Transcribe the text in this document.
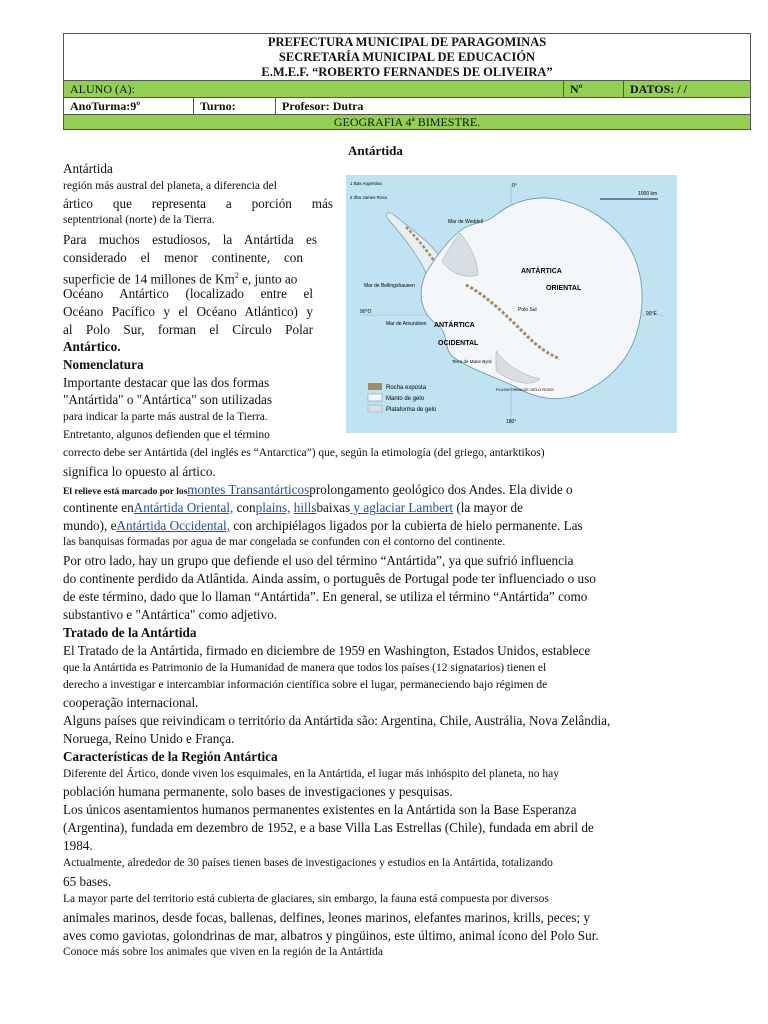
PREFECTURA MUNICIPAL DE PARAGOMINAS
SECRETARÍA MUNICIPAL DE EDUCACIÓN
E.M.E.F. “ROBERTO FERNANDES DE OLIVEIRA”
ALUNO (A):	Nº	DATOS: / /
AnoTurma:9º	Turno:	Profesor: Dutra
GEOGRAFIA 4ª BIMESTRE.
Antártida
ANTÁRTICA
ORIENTAL
ANTÁRTICA
OCIDENTAL
Mar de Bellingshausen
Mar de Amundsen
Mar de Weddell
Polo Sul
Terra de Marie Byrd
PLATAFORMA DE GELO ROSS
90°E
90°O
0°
180°
1 Bas Argentina
2 Ilha James Ross
1000 km
Rocha exposta
Manto de gelo
Plataforma de gelo
Antártida
región más austral del planeta, a diferencia del
ártico que representa a porción más
septentrional (norte) de la Tierra.
Para muchos estudiosos, la Antártida es
considerado el menor continente, con
superficie de 14 millones de Km$^2$ e, junto ao
Océano Antártico (localizado entre el
Océano Pacífico y el Océano Atlántico) y
al Polo Sur, forman el Círculo Polar
Antártico.
Nomenclatura
Importante destacar que las dos formas
"Antártida" o "Antártica" son utilizadas
para indicar la parte más austral de la Tierra.
Entretanto, algunos defienden que el término
correcto debe ser Antártida (del inglés es “Antarctica”) que, según la etimología (del griego, antarktikos)
significa lo opuesto al ártico.
El relieve está marcado por losmontes Transantárticosprolongamento geológico dos Andes. Ela divide o
continente enAntártida Oriental, conplains, hillsbaixas y aglaciar Lambert (la mayor de
mundo), eAntártida Occidental, con archipiélagos ligados por la cubierta de hielo permanente. Las
las banquisas formadas por agua de mar congelada se confunden con el contorno del continente.
Por otro lado, hay un grupo que defiende el uso del término “Antártida”, ya que sufrió influencia
do continente perdido da Atlântida. Ainda assim, o português de Portugal pode ter influenciado o uso
de este término, dado que lo llaman “Antártida”. En general, se utiliza el término “Antártida” como
substantivo e "Antártica" como adjetivo.
Tratado de la Antártida
El Tratado de la Antártida, firmado en diciembre de 1959 en Washington, Estados Unidos, establece
que la Antártida es Patrimonio de la Humanidad de manera que todos los países (12 signatarios) tienen el
derecho a investigar e intercambiar información científica sobre el lugar, permaneciendo bajo régimen de
cooperação internacional.
Alguns países que reivindicam o território da Antártida são: Argentina, Chile, Austrália, Nova Zelândia,
Noruega, Reino Unido e França.
Características de la Región Antártica
Diferente del Ártico, donde viven los esquimales, en la Antártida, el lugar más inhóspito del planeta, no hay
población humana permanente, solo bases de investigaciones y pesquisas.
Los únicos asentamientos humanos permanentes existentes en la Antártida son la Base Esperanza
(Argentina), fundada em dezembro de 1952, e a base Villa Las Estrellas (Chile), fundada em abril de
1984.
Actualmente, alrededor de 30 países tienen bases de investigaciones y estudios en la Antártida, totalizando
65 bases.
La mayor parte del territorio está cubierta de glaciares, sin embargo, la fauna está compuesta por diversos
animales marinos, desde focas, ballenas, delfines, leones marinos, elefantes marinos, krills, peces; y
aves como gaviotas, golondrinas de mar, albatros y pingüinos, este último, animal ícono del Polo Sur.
Conoce más sobre los animales que viven en la región de la Antártida
